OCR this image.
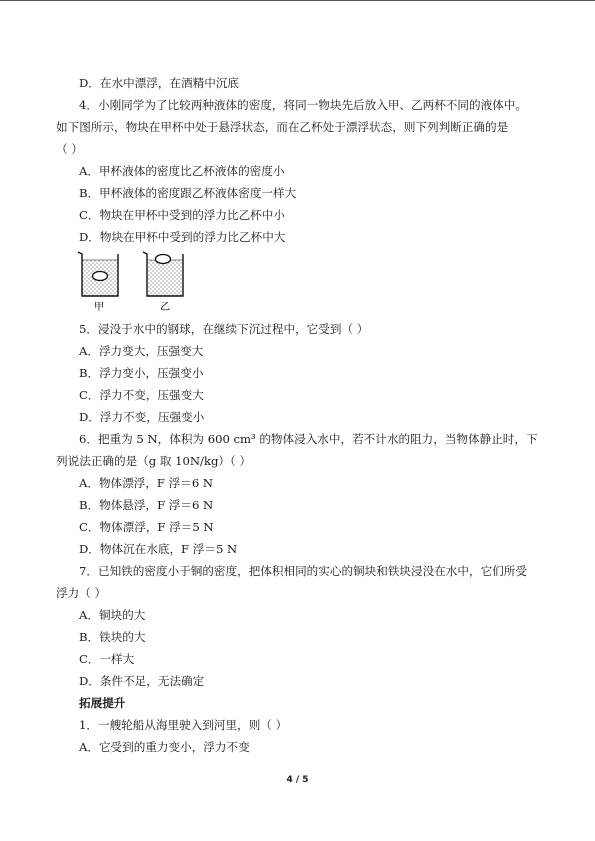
D．在水中漂浮，在酒精中沉底

4．小刚同学为了比较两种液体的密度，将同一物块先后放入甲、乙两杯不同的液体中。

如下图所示，物块在甲杯中处于悬浮状态，而在乙杯处于漂浮状态，则下列判断正确的是

（ ）

A．甲杯液体的密度比乙杯液体的密度小

B．甲杯液体的密度跟乙杯液体密度一样大

C．物块在甲杯中受到的浮力比乙杯中小

D．物块在甲杯中受到的浮力比乙杯中大

甲	乙

5．浸没于水中的钢球，在继续下沉过程中，它受到（ ）

A．浮力变大，压强变大

B．浮力变小，压强变小

C．浮力不变，压强变大

D．浮力不变，压强变小

6．把重为 5 N，体积为 600 cm³ 的物体浸入水中，若不计水的阻力，当物体静止时，下

列说法正确的是（g 取 10N/kg）（ ）

A．物体漂浮，F 浮＝6 N

B．物体悬浮，F 浮＝6 N

C．物体漂浮，F 浮＝5 N

D．物体沉在水底，F 浮＝5 N

7．已知铁的密度小于铜的密度，把体积相同的实心的铜块和铁块浸没在水中，它们所受

浮力（ ）

A．铜块的大

B．铁块的大

C．一样大

D．条件不足，无法确定

拓展提升

1．一艘轮船从海里驶入到河里，则（ ）

A．它受到的重力变小，浮力不变

4 / 5
